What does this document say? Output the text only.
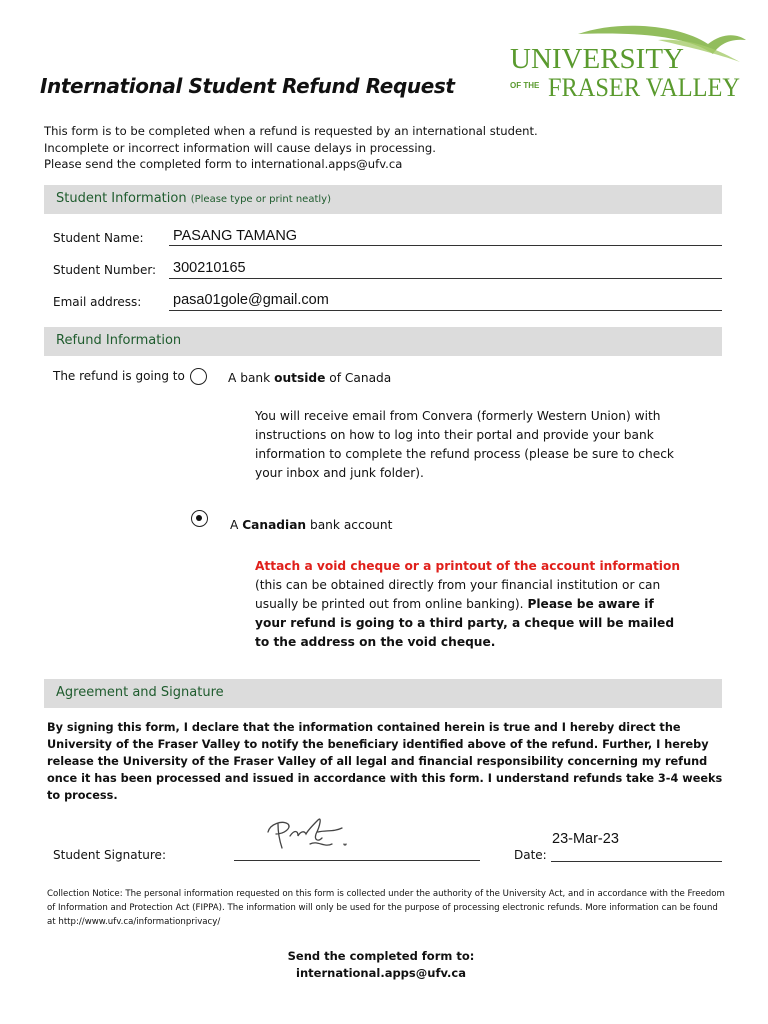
International Student Refund Request
UNIVERSITY
OF THE FRASER VALLEY
This form is to be completed when a refund is requested by an international student.
Incomplete or incorrect information will cause delays in processing.
Please send the completed form to international.apps@ufv.ca
Student Information (Please type or print neatly)
Student Name: PASANG TAMANG
Student Number: 300210165
Email address: pasa01gole@gmail.com
Refund Information
The refund is going to	A bank outside of Canada
You will receive email from Convera (formerly Western Union) with instructions on how to log into their portal and provide your bank information to complete the refund process (please be sure to check your inbox and junk folder).
A Canadian bank account
Attach a void cheque or a printout of the account information (this can be obtained directly from your financial institution or can usually be printed out from online banking). Please be aware if your refund is going to a third party, a cheque will be mailed to the address on the void cheque.
Agreement and Signature
By signing this form, I declare that the information contained herein is true and I hereby direct the University of the Fraser Valley to notify the beneficiary identified above of the refund. Further, I hereby release the University of the Fraser Valley of all legal and financial responsibility concerning my refund once it has been processed and issued in accordance with this form. I understand refunds take 3-4 weeks to process.
Student Signature:	Date:
23-Mar-23
Collection Notice: The personal information requested on this form is collected under the authority of the University Act, and in accordance with the Freedom of Information and Protection Act (FIPPA). The information will only be used for the purpose of processing electronic refunds. More information can be found at http://www.ufv.ca/informationprivacy/
Send the completed form to:
international.apps@ufv.ca
